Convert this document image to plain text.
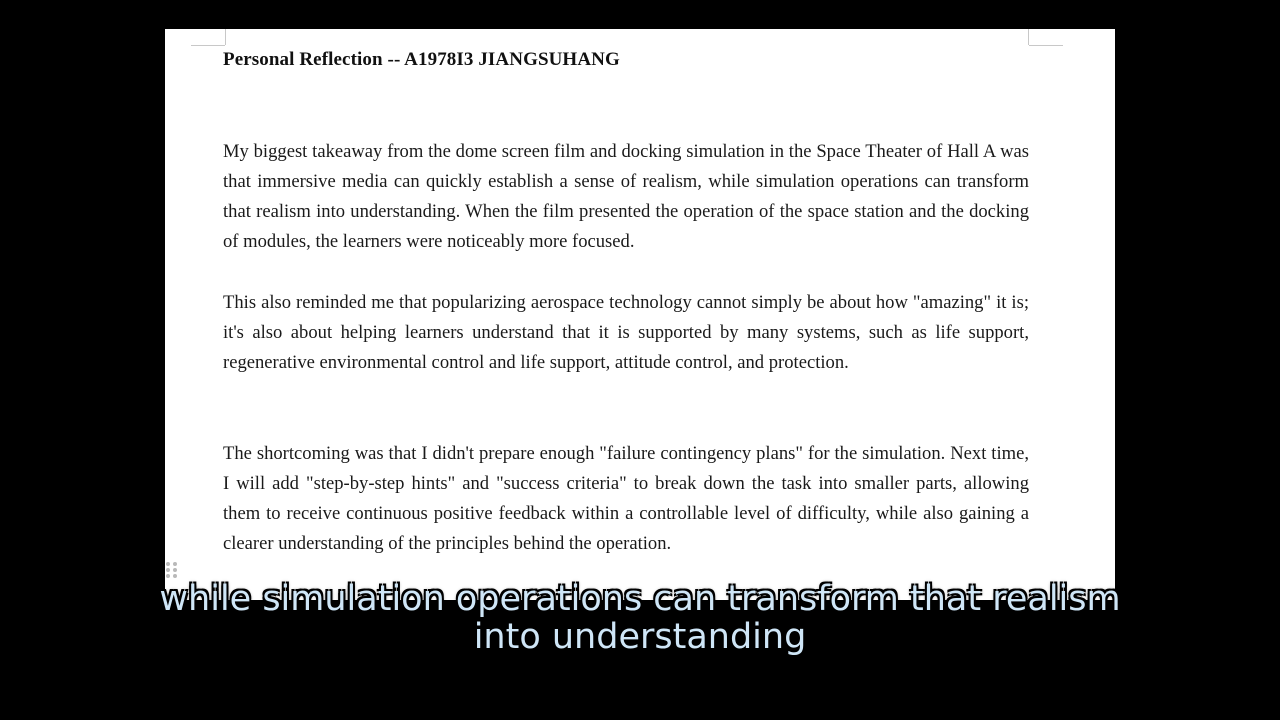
Personal Reflection -- A1978I3 JIANGSUHANG

My biggest takeaway from the dome screen film and docking simulation in the Space Theater of Hall A was that immersive media can quickly establish a sense of realism, while simulation operations can transform that realism into understanding. When the film presented the operation of the space station and the docking of modules, the learners were noticeably more focused.

This also reminded me that popularizing aerospace technology cannot simply be about how "amazing" it is; it's also about helping learners understand that it is supported by many systems, such as life support, regenerative environmental control and life support, attitude control, and protection.

The shortcoming was that I didn't prepare enough "failure contingency plans" for the simulation. Next time, I will add "step-by-step hints" and "success criteria" to break down the task into smaller parts, allowing them to receive continuous positive feedback within a controllable level of difficulty, while also gaining a clearer understanding of the principles behind the operation.

while simulation operations can transform that realism
into understanding
